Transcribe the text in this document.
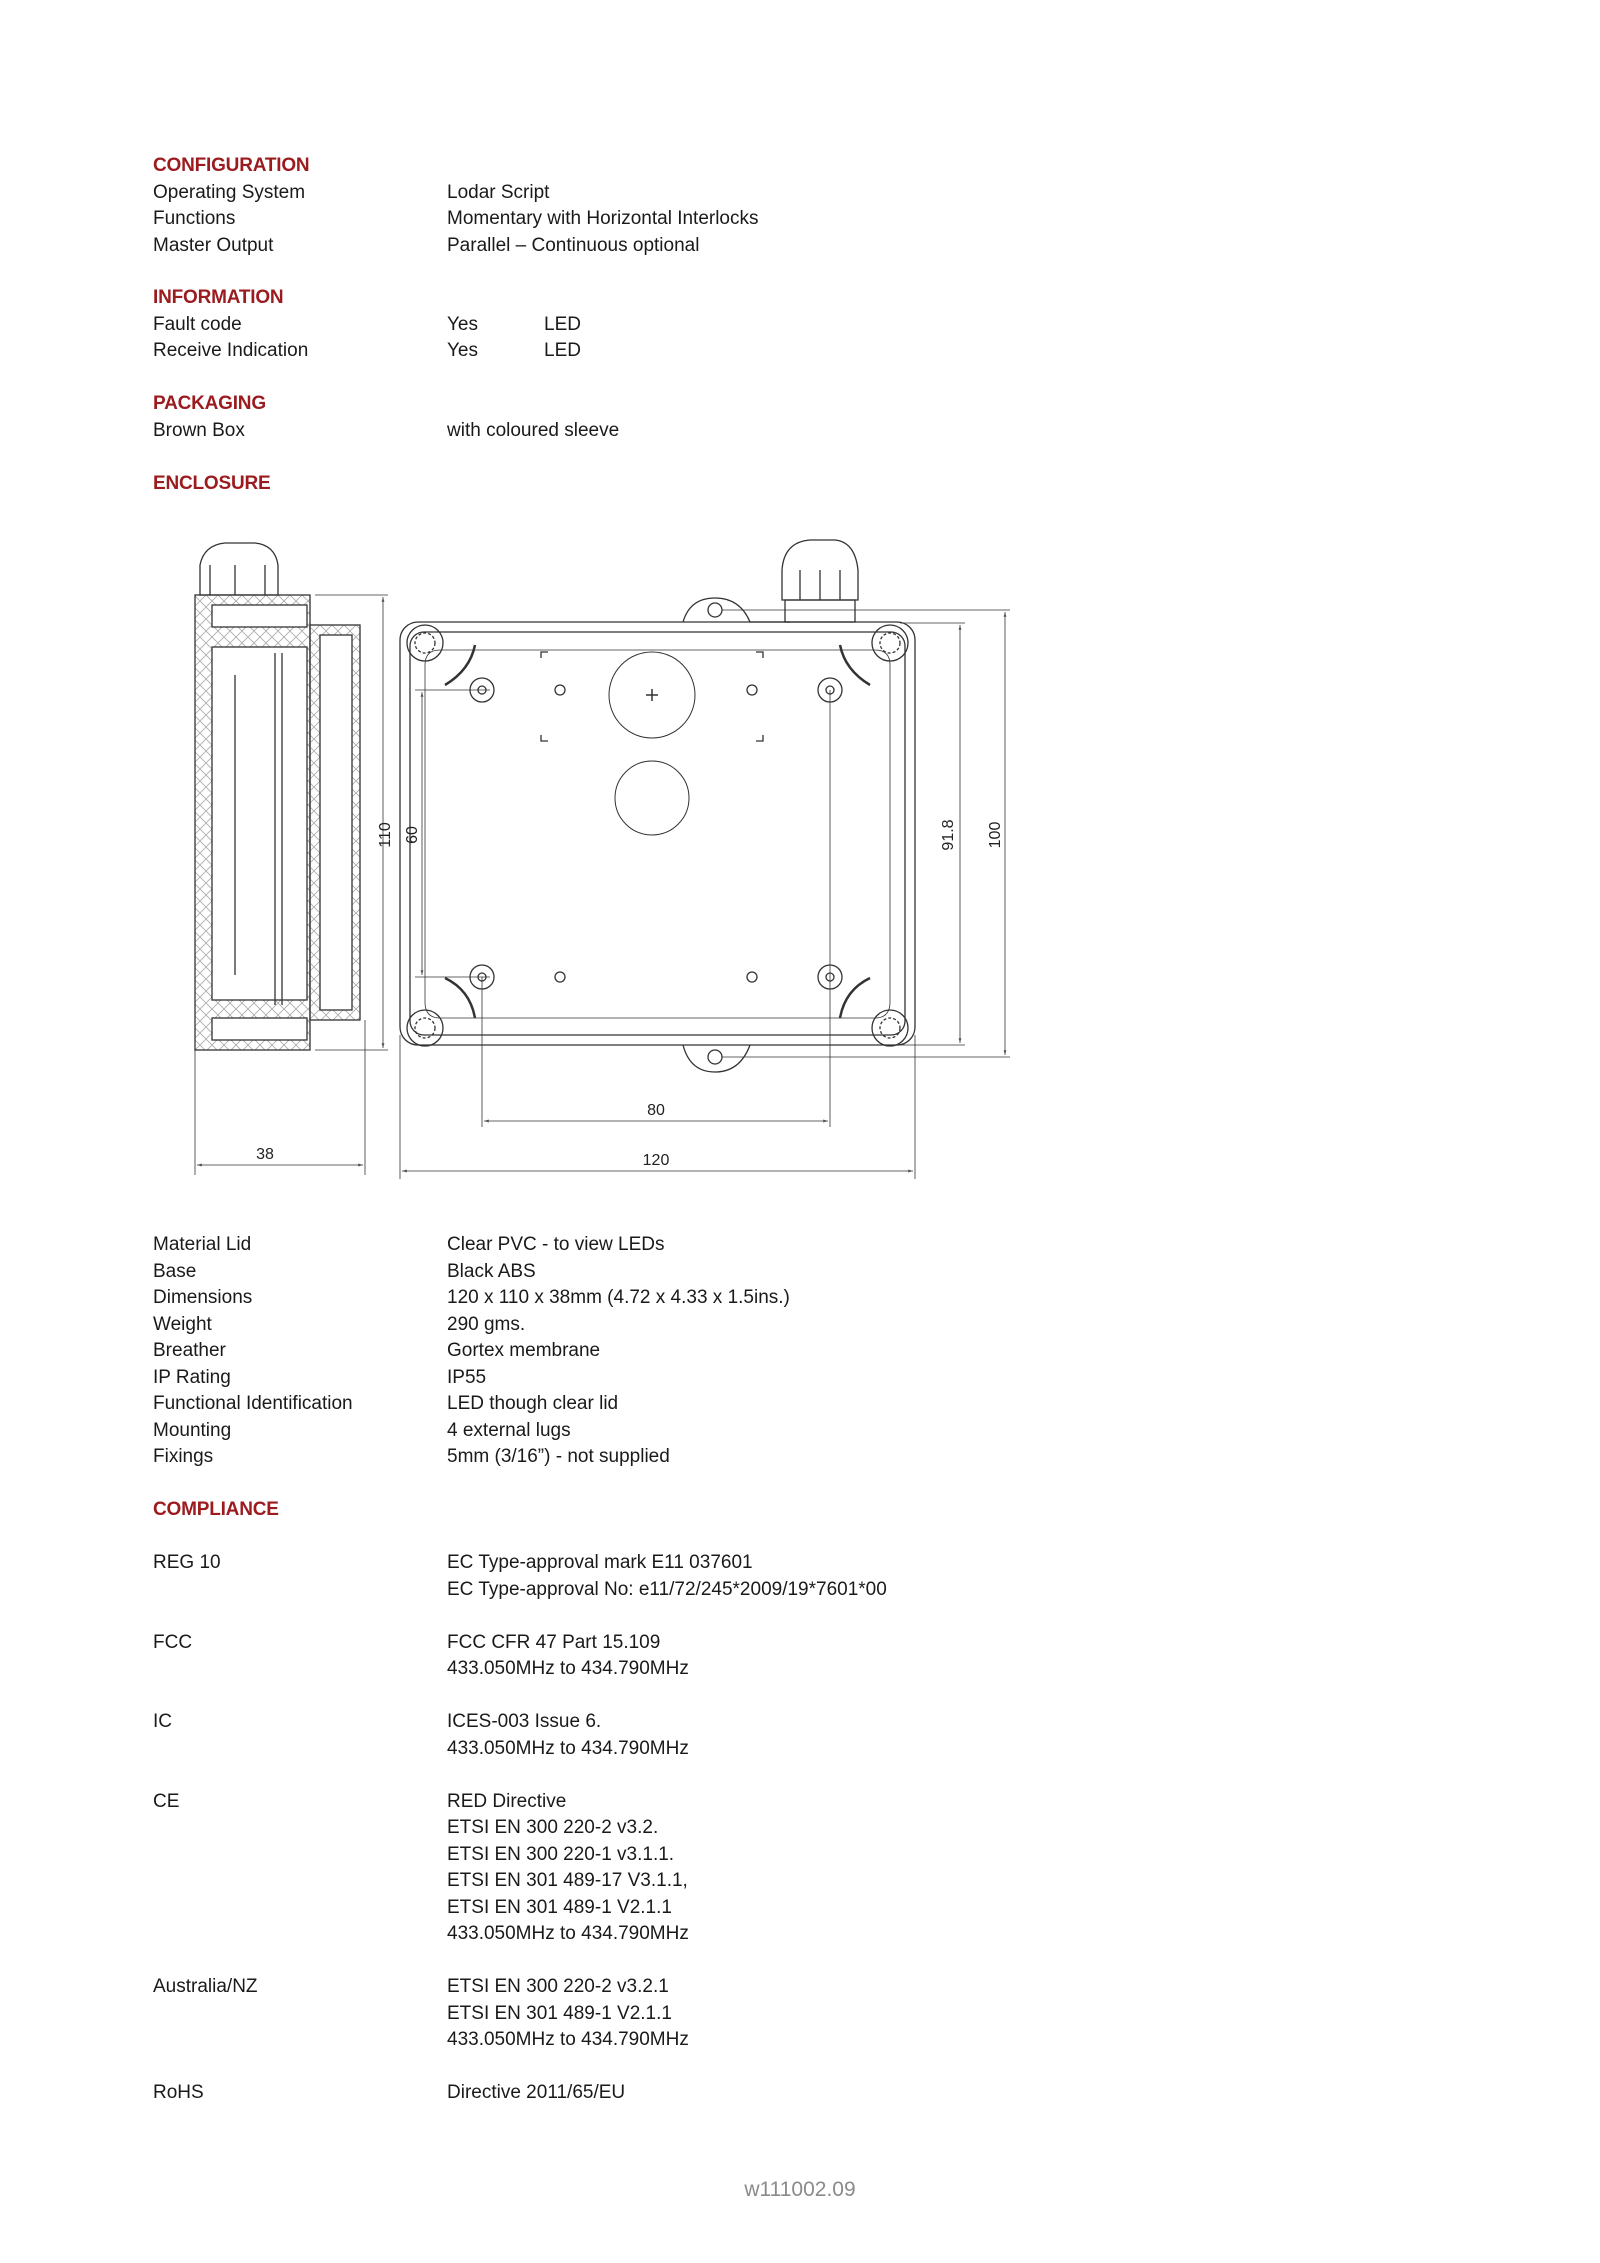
CONFIGURATION
Operating System	Lodar Script
Functions	Momentary with Horizontal Interlocks
Master Output	Parallel – Continuous optional
INFORMATION
Fault code	Yes	LED
Receive Indication	Yes	LED
PACKAGING
Brown Box	with coloured sleeve
ENCLOSURE
110
38
60
80
120
91.8 100
Material Lid	Clear PVC - to view LEDs
Base	Black ABS
Dimensions	120 x 110 x 38mm (4.72 x 4.33 x 1.5ins.)
Weight	290 gms.
Breather	Gortex membrane
IP Rating	IP55
Functional Identification	LED though clear lid
Mounting	4 external lugs
Fixings	5mm (3/16”) - not supplied
COMPLIANCE
REG 10	EC Type-approval mark E11 037601
EC Type-approval No: e11/72/245*2009/19*7601*00
FCC	FCC CFR 47 Part 15.109
433.050MHz to 434.790MHz
IC	ICES-003 Issue 6.
433.050MHz to 434.790MHz
CE	RED Directive
ETSI EN 300 220-2 v3.2.
ETSI EN 300 220-1 v3.1.1.
ETSI EN 301 489-17 V3.1.1,
ETSI EN 301 489-1 V2.1.1
433.050MHz to 434.790MHz
Australia/NZ	ETSI EN 300 220-2 v3.2.1
ETSI EN 301 489-1 V2.1.1
433.050MHz to 434.790MHz
RoHS	Directive 2011/65/EU
w111002.09
